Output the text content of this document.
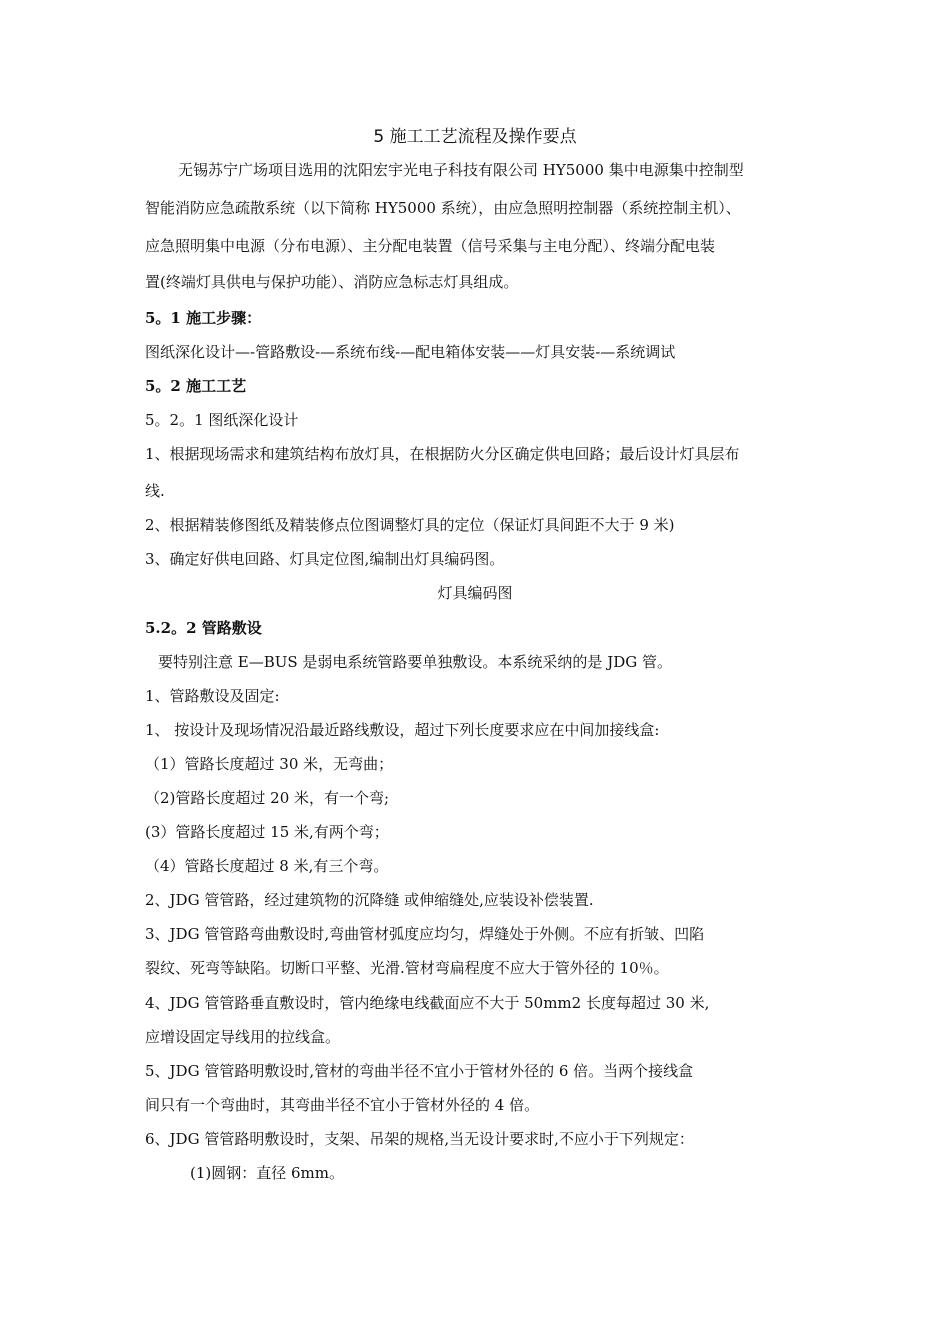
5 施工工艺流程及操作要点
无锡苏宁广场项目选用的沈阳宏宇光电子科技有限公司 HY5000 集中电源集中控制型
智能消防应急疏散系统（以下简称 HY5000 系统），由应急照明控制器（系统控制主机）、
应急照明集中电源（分布电源）、主分配电装置（信号采集与主电分配）、终端分配电装
置(终端灯具供电与保护功能）、消防应急标志灯具组成。
5。1 施工步骤：
图纸深化设计—-管路敷设-—系统布线-—配电箱体安装——灯具安装-—系统调试
5。2 施工工艺
5。2。1 图纸深化设计
1、根据现场需求和建筑结构布放灯具，在根据防火分区确定供电回路；最后设计灯具层布
线.
2、根据精装修图纸及精装修点位图调整灯具的定位（保证灯具间距不大于 9 米)
3、确定好供电回路、灯具定位图,编制出灯具编码图。
灯具编码图
5.2。2 管路敷设
要特别注意 E—BUS 是弱电系统管路要单独敷设。本系统采纳的是 JDG 管。
1、管路敷设及固定:
1、 按设计及现场情况沿最近路线敷设，超过下列长度要求应在中间加接线盒:
（1）管路长度超过 30 米，无弯曲；
（2)管路长度超过 20 米，有一个弯;
(3）管路长度超过 15 米,有两个弯；
（4）管路长度超过 8 米,有三个弯。
2、JDG 管管路，经过建筑物的沉降缝 或伸缩缝处,应装设补偿装置.
3、JDG 管管路弯曲敷设时,弯曲管材弧度应均匀，焊缝处于外侧。不应有折皱、凹陷
裂纹、死弯等缺陷。切断口平整、光滑.管材弯扁程度不应大于管外径的 10％。
4、JDG 管管路垂直敷设时，管内绝缘电线截面应不大于 50mm2 长度每超过 30 米,
应增设固定导线用的拉线盒。
5、JDG 管管路明敷设时,管材的弯曲半径不宜小于管材外径的 6 倍。当两个接线盒
间只有一个弯曲时，其弯曲半径不宜小于管材外径的 4 倍。
6、JDG 管管路明敷设时，支架、吊架的规格,当无设计要求时,不应小于下列规定：
(1)圆钢：直径 6mm。
